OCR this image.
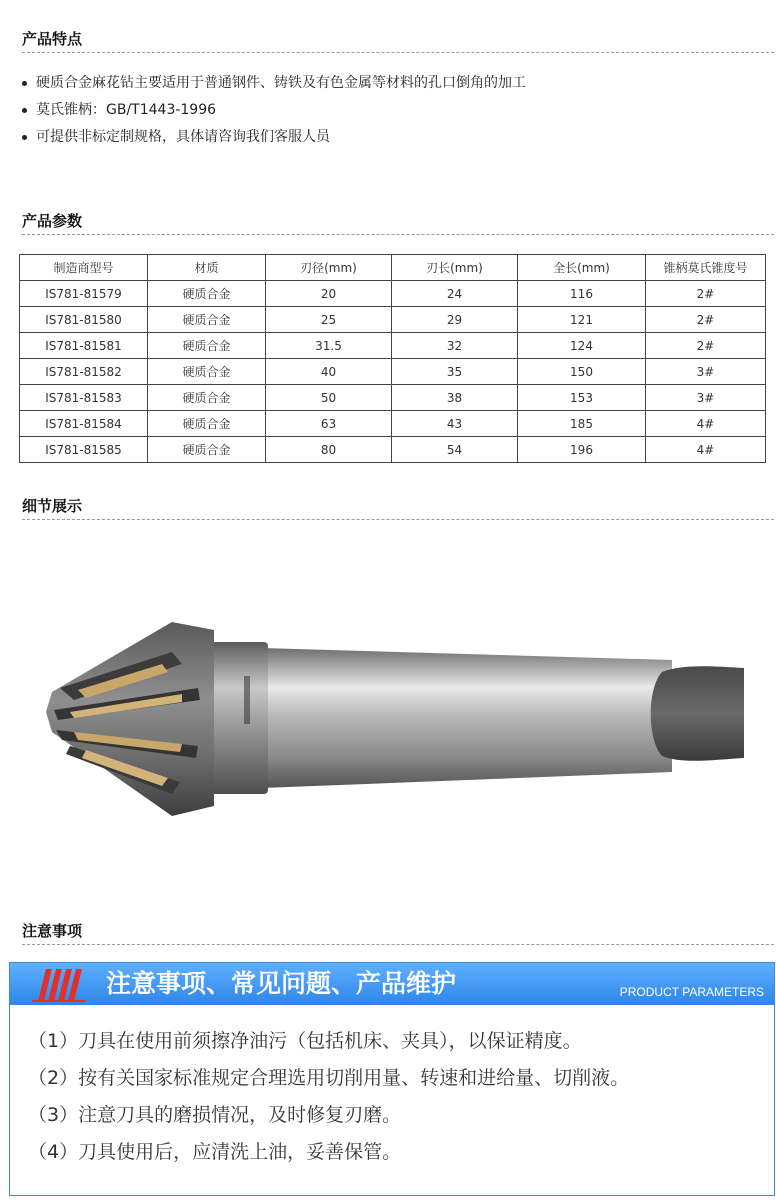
产品特点
硬质合金麻花钻主要适用于普通钢件、铸铁及有色金属等材料的孔口倒角的加工
莫氏锥柄：GB/T1443-1996
可提供非标定制规格，具体请咨询我们客服人员
产品参数
制造商型号	材质	刃径(mm)	刃长(mm)	全长(mm)	锥柄莫氏锥度号
IS781-81579	硬质合金	20	24	116	2#
IS781-81580	硬质合金	25	29	121	2#
IS781-81581	硬质合金	31.5	32	124	2#
IS781-81582	硬质合金	40	35	150	3#
IS781-81583	硬质合金	50	38	153	3#
IS781-81584	硬质合金	63	43	185	4#
IS781-81585	硬质合金	80	54	196	4#
细节展示
注意事项
注意事项、常见问题、产品维护	PRODUCT PARAMETERS
（1）刀具在使用前须擦净油污（包括机床、夹具），以保证精度。
（2）按有关国家标准规定合理选用切削用量、转速和进给量、切削液。
（3）注意刀具的磨损情况，及时修复刃磨。
（4）刀具使用后，应清洗上油，妥善保管。
